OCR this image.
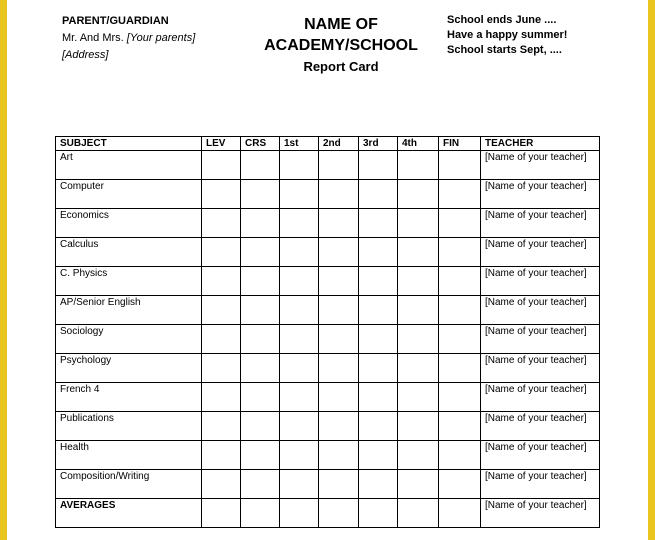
PARENT/GUARDIAN
Mr. And Mrs. [Your parents]
[Address]
NAME OF
ACADEMY/SCHOOL
Report Card
School ends June ....
Have a happy summer!
School starts Sept, ....
SUBJECT	LEV	CRS	1st	2nd	3rd	4th	FIN	TEACHER
Art								[Name of your teacher]
Computer								[Name of your teacher]
Economics								[Name of your teacher]
Calculus								[Name of your teacher]
C. Physics								[Name of your teacher]
AP/Senior English								[Name of your teacher]
Sociology								[Name of your teacher]
Psychology								[Name of your teacher]
French 4								[Name of your teacher]
Publications								[Name of your teacher]
Health								[Name of your teacher]
Composition/Writing								[Name of your teacher]
AVERAGES								[Name of your teacher]
